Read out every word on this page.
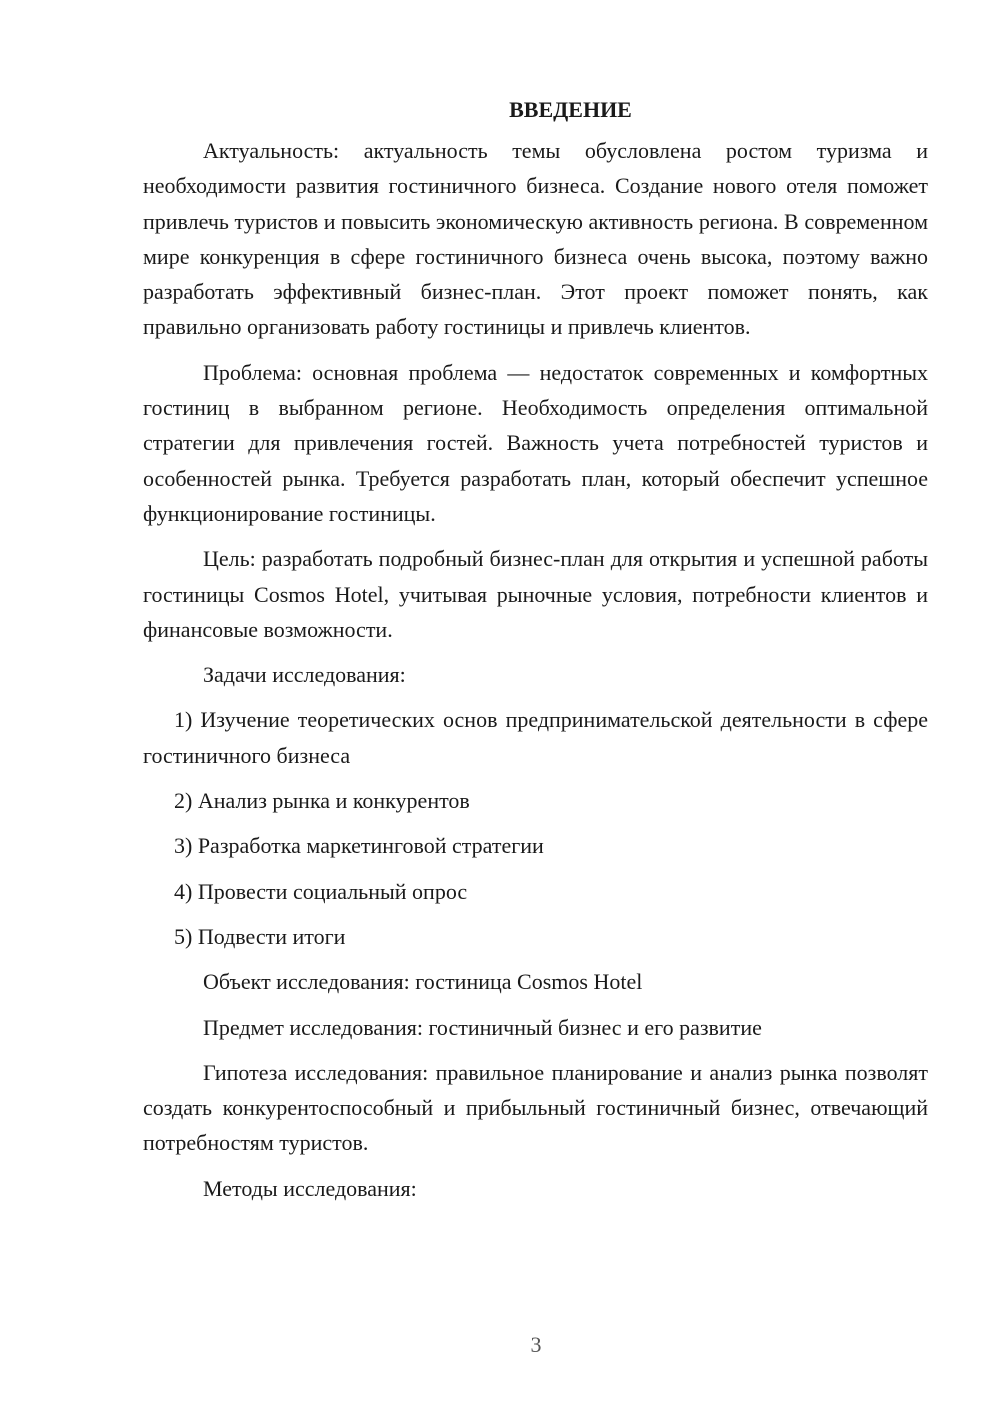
ВВЕДЕНИЕ

Актуальность: актуальность темы обусловлена ростом туризма и необходимости развития гостиничного бизнеса. Создание нового отеля поможет привлечь туристов и повысить экономическую активность региона. В современном мире конкуренция в сфере гостиничного бизнеса очень высока, поэтому важно разработать эффективный бизнес-план. Этот проект поможет понять, как правильно организовать работу гостиницы и привлечь клиентов.

Проблема: основная проблема — недостаток современных и комфортных гостиниц в выбранном регионе. Необходимость определения оптимальной стратегии для привлечения гостей. Важность учета потребностей туристов и особенностей рынка. Требуется разработать план, который обеспечит успешное функционирование гостиницы.

Цель: разработать подробный бизнес-план для открытия и успешной работы гостиницы Cosmos Hotel, учитывая рыночные условия, потребности клиентов и финансовые возможности.

Задачи исследования:

1) Изучение теоретических основ предпринимательской деятельности в сфере гостиничного бизнеса

2) Анализ рынка и конкурентов

3) Разработка маркетинговой стратегии

4) Провести социальный опрос

5) Подвести итоги

Объект исследования: гостиница Cosmos Hotel

Предмет исследования: гостиничный бизнес и его развитие

Гипотеза исследования: правильное планирование и анализ рынка позволят создать конкурентоспособный и прибыльный гостиничный бизнес, отвечающий потребностям туристов.

Методы исследования:

3
